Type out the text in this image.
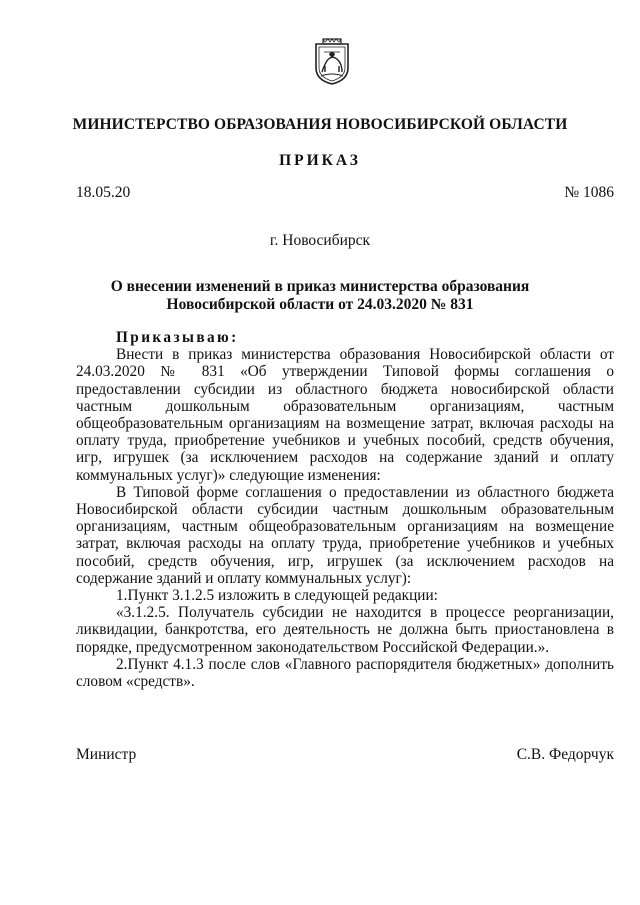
МИНИСТЕРСТВО ОБРАЗОВАНИЯ НОВОСИБИРСКОЙ ОБЛАСТИ
ПРИКАЗ
18.05.20	№ 1086
г. Новосибирск
О внесении изменений в приказ министерства образования
Новосибирской области от 24.03.2020 № 831

Приказываю:

Внести в приказ министерства образования Новосибирской области от 24.03.2020 № 831 «Об утверждении Типовой формы соглашения о предоставлении субсидии из областного бюджета новосибирской области частным дошкольным образовательным организациям, частным общеобразовательным организациям на возмещение затрат, включая расходы на оплату труда, приобретение учебников и учебных пособий, средств обучения, игр, игрушек (за исключением расходов на содержание зданий и оплату коммунальных услуг)» следующие изменения:

В Типовой форме соглашения о предоставлении из областного бюджета Новосибирской области субсидии частным дошкольным образовательным организациям, частным общеобразовательным организациям на возмещение затрат, включая расходы на оплату труда, приобретение учебников и учебных пособий, средств обучения, игр, игрушек (за исключением расходов на содержание зданий и оплату коммунальных услуг):

1.Пункт 3.1.2.5 изложить в следующей редакции:

«3.1.2.5. Получатель субсидии не находится в процессе реорганизации, ликвидации, банкротства, его деятельность не должна быть приостановлена в порядке, предусмотренном законодательством Российской Федерации.».

2.Пункт 4.1.3 после слов «Главного распорядителя бюджетных» дополнить словом «средств».

Министр	С.В. Федорчук
